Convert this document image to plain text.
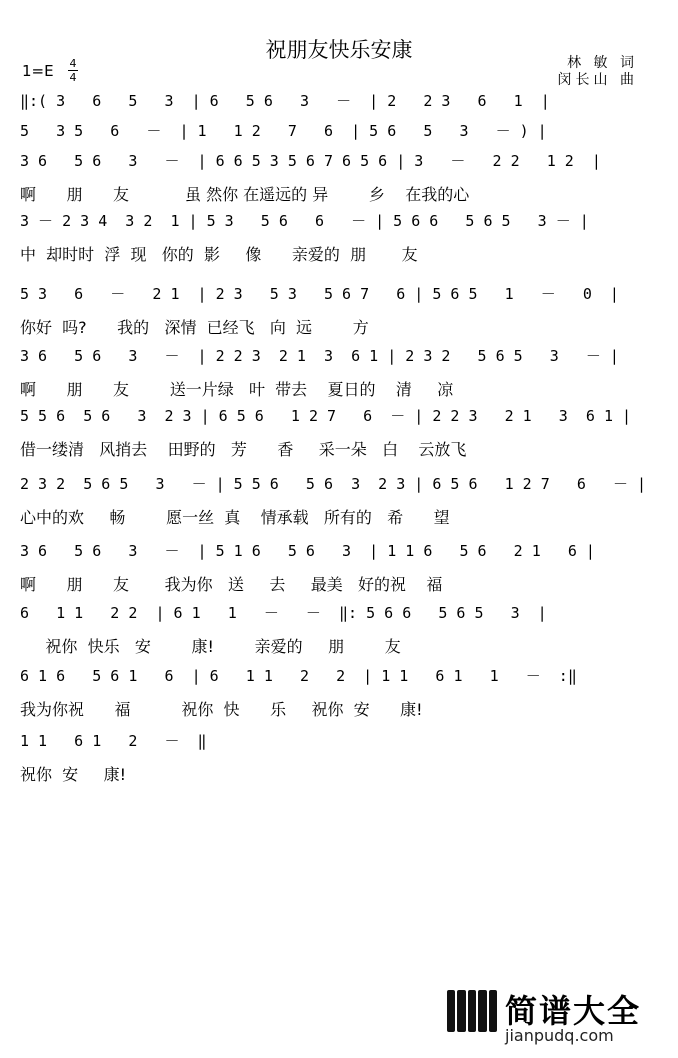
祝朋友快乐安康
1=E 4
4
林 敏 词
闵长山 曲
‖:( 3   6   5   3  | 6   5 6   3   －  | 2   2 3   6   1  |
5   3 5   6   －  | 1   1 2   7   6  | 5 6   5   3   － ) |
3 6   5 6   3   －  | 6 6 5 3 5 6 7 6 5 6 | 3   －   2 2   1 2  |
啊      朋      友           虽 然你 在遥远的 异        乡    在我的心
3 － 2 3 4  3 2  1 | 5 3   5 6   6   － | 5 6 6   5 6 5   3 － |
中  却时时  浮  现   你的  影     像      亲爱的  朋       友
5 3   6   －   2 1  | 2 3   5 3   5 6 7   6 | 5 6 5   1   －   0  |
你好  吗?      我的   深情  已经飞   向  远        方
3 6   5 6   3   －  | 2 2 3  2 1  3  6 1 | 2 3 2   5 6 5   3   － |
啊      朋      友        送一片绿   叶  带去    夏日的    清     凉
5 5 6  5 6   3  2 3 | 6 5 6   1 2 7   6  － | 2 2 3   2 1   3  6 1 |
借一缕清   风捎去    田野的   芳      香     采一朵   白    云放飞
2 3 2  5 6 5   3   － | 5 5 6   5 6  3  2 3 | 6 5 6   1 2 7   6   － |
心中的欢     畅        愿一丝  真    情承载   所有的   希      望
3 6   5 6   3   －  | 5 1 6   5 6   3  | 1 1 6   5 6   2 1   6 |
啊      朋      友       我为你   送     去     最美   好的祝    福
6   1 1   2 2  | 6 1   1   －   －  ‖: 5 6 6   5 6 5   3  |
祝你  快乐   安        康!        亲爱的     朋        友
6 1 6   5 6 1   6  | 6   1 1   2   2  | 1 1   6 1   1   －  :‖
我为你祝      福          祝你  快      乐     祝你  安      康!
1 1   6 1   2   －  ‖
祝你  安     康!
简谱大全
jianpudq.com
